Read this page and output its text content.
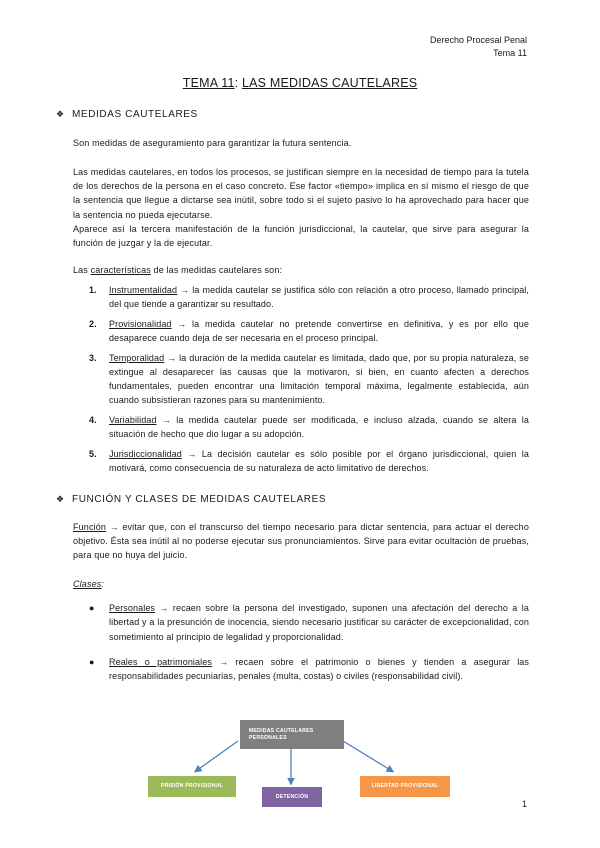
Derecho Procesal Penal
Tema 11
TEMA 11: LAS MEDIDAS CAUTELARES
❖ MEDIDAS CAUTELARES
Son medidas de aseguramiento para garantizar la futura sentencia.
Las medidas cautelares, en todos los procesos, se justifican siempre en la necesidad de tiempo para la tutela de los derechos de la persona en el caso concreto. Ese factor «tiempo» implica en sí mismo el riesgo de que la sentencia que llegue a dictarse sea inútil, sobre todo si el sujeto pasivo lo ha aprovechado para hacer que la sentencia no pueda ejecutarse.
Aparece así la tercera manifestación de la función jurisdiccional, la cautelar, que sirve para asegurar la función de juzgar y la de ejecutar.
Las características de las medidas cautelares son:
1. Instrumentalidad → la medida cautelar se justifica sólo con relación a otro proceso, llamado principal, del que tiende a garantizar su resultado.
2. Provisionalidad → la medida cautelar no pretende convertirse en definitiva, y es por ello que desaparece cuando deja de ser necesaria en el proceso principal.
3. Temporalidad → la duración de la medida cautelar es limitada, dado que, por su propia naturaleza, se extingue al desaparecer las causas que la motivaron, si bien, en cuanto afecten a derechos fundamentales, pueden encontrar una limitación temporal máxima, legalmente establecida, aún cuando subsistieran razones para su mantenimiento.
4. Variabilidad → la medida cautelar puede ser modificada, e incluso alzada, cuando se altera la situación de hecho que dio lugar a su adopción.
5. Jurisdiccionalidad → La decisión cautelar es sólo posible por el órgano jurisdiccional, quien la motivará, como consecuencia de su naturaleza de acto limitativo de derechos.
❖ FUNCIÓN Y CLASES DE MEDIDAS CAUTELARES
Función → evitar que, con el transcurso del tiempo necesario para dictar sentencia, para actuar el derecho objetivo. Ésta sea inútil al no poderse ejecutar sus pronunciamientos. Sirve para evitar ocultación de pruebas, para que no huya del juicio.
Clases:
● Personales → recaen sobre la persona del investigado, suponen una afectación del derecho a la libertad y a la presunción de inocencia, siendo necesario justificar su carácter de excepcionalidad, con sometimiento al principio de legalidad y proporcionalidad.
● Reales o patrimoniales → recaen sobre el patrimonio o bienes y tienden a asegurar las responsabilidades pecuniarias, penales (multa, costas) o civiles (responsabilidad civil).
MEDIDAS CAUTELARES PERSONALES
PRISIÓN PROVISIONAL
DETENCIÓN
LIBERTAD PROVISIONAL
1
